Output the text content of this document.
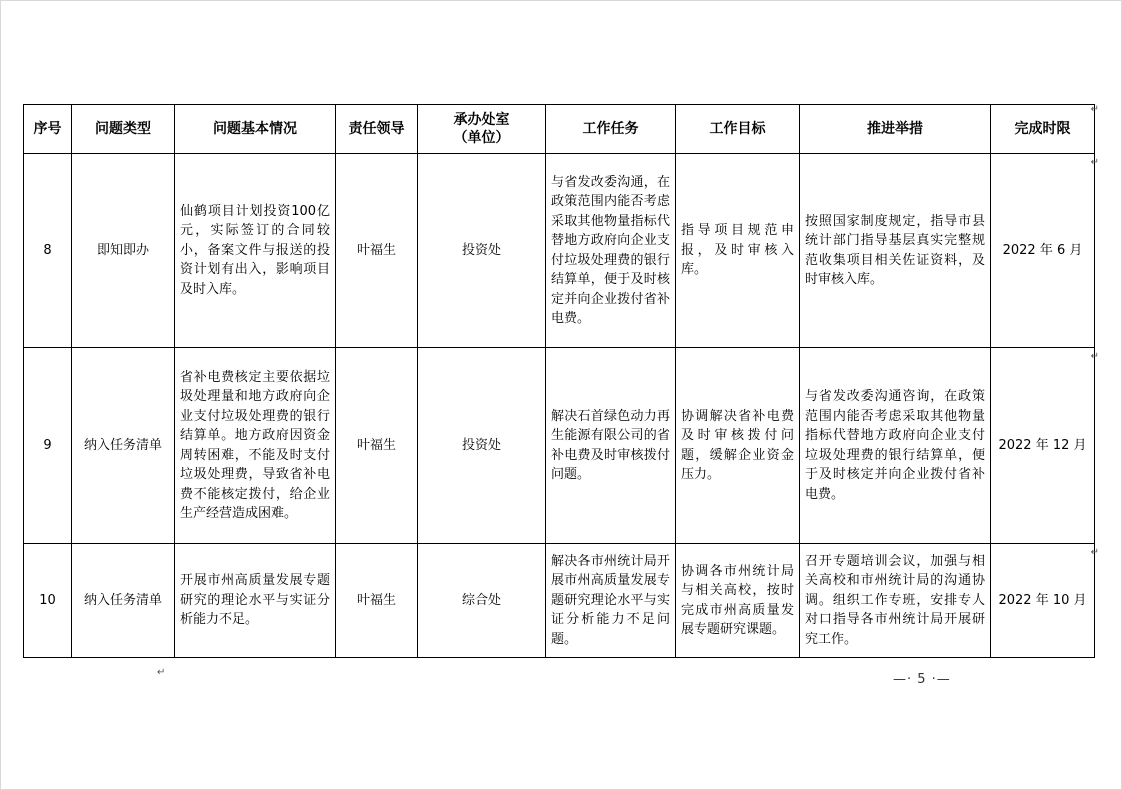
序号	问题类型	问题基本情况	责任领导	承办处室
（单位）	工作任务	工作目标	推进举措	完成时限
8	即知即办	仙鹤项目计划投资100亿元，实际签订的合同较小，备案文件与报送的投资计划有出入，影响项目及时入库。	叶福生	投资处	与省发改委沟通，在政策范围内能否考虑采取其他物量指标代替地方政府向企业支付垃圾处理费的银行结算单，便于及时核定并向企业拨付省补电费。	指导项目规范申报，及时审核入库。	按照国家制度规定，指导市县统计部门指导基层真实完整规范收集项目相关佐证资料，及时审核入库。	2022 年 6 月
9	纳入任务清单	省补电费核定主要依据垃圾处理量和地方政府向企业支付垃圾处理费的银行结算单。地方政府因资金周转困难，不能及时支付垃圾处理费，导致省补电费不能核定拨付，给企业生产经营造成困难。	叶福生	投资处	解决石首绿色动力再生能源有限公司的省补电费及时审核拨付问题。	协调解决省补电费及时审核拨付问题，缓解企业资金压力。	与省发改委沟通咨询，在政策范围内能否考虑采取其他物量指标代替地方政府向企业支付垃圾处理费的银行结算单，便于及时核定并向企业拨付省补电费。	2022 年 12 月
10	纳入任务清单	开展市州高质量发展专题研究的理论水平与实证分析能力不足。	叶福生	综合处	解决各市州统计局开展市州高质量发展专题研究理论水平与实证分析能力不足问题。	协调各市州统计局与相关高校，按时完成市州高质量发展专题研究课题。	召开专题培训会议，加强与相关高校和市州统计局的沟通协调。组织工作专班，安排专人对口指导各市州统计局开展研究工作。	2022 年 10 月
↵
↵
↵
↵
↵	—· 5 ·—
